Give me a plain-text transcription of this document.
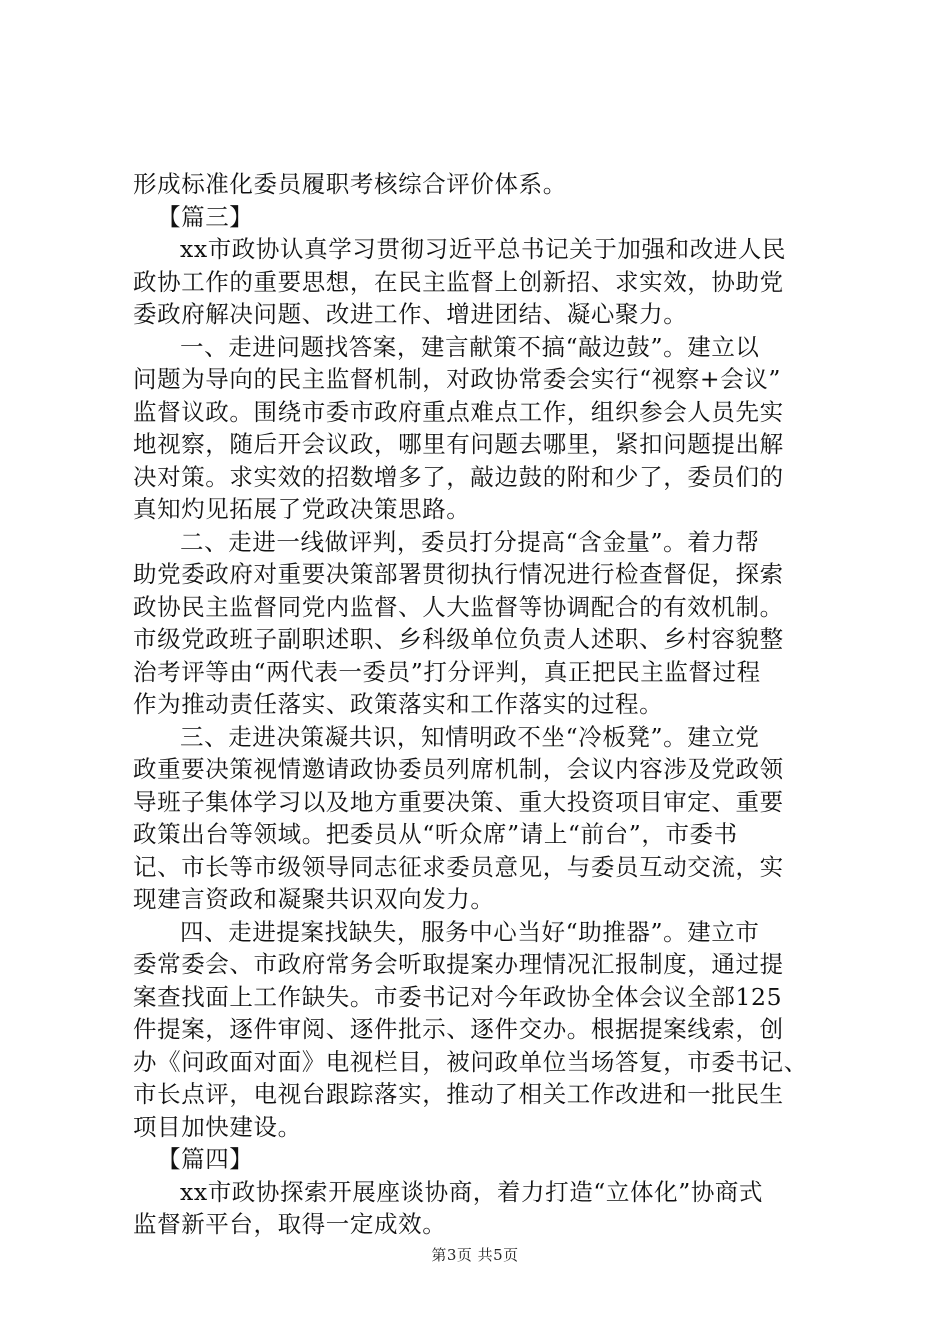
形成标准化委员履职考核综合评价体系。
【篇三】
xx市政协认真学习贯彻习近平总书记关于加强和改进人民
政协工作的重要思想，在民主监督上创新招、求实效，协助党
委政府解决问题、改进工作、增进团结、凝心聚力。
一、走进问题找答案，建言献策不搞“敲边鼓”。建立以
问题为导向的民主监督机制，对政协常委会实行“视察+会议”
监督议政。围绕市委市政府重点难点工作，组织参会人员先实
地视察，随后开会议政，哪里有问题去哪里，紧扣问题提出解
决对策。求实效的招数增多了，敲边鼓的附和少了，委员们的
真知灼见拓展了党政决策思路。
二、走进一线做评判，委员打分提高“含金量”。着力帮
助党委政府对重要决策部署贯彻执行情况进行检查督促，探索
政协民主监督同党内监督、人大监督等协调配合的有效机制。
市级党政班子副职述职、乡科级单位负责人述职、乡村容貌整
治考评等由“两代表一委员”打分评判，真正把民主监督过程
作为推动责任落实、政策落实和工作落实的过程。
三、走进决策凝共识，知情明政不坐“冷板凳”。建立党
政重要决策视情邀请政协委员列席机制，会议内容涉及党政领
导班子集体学习以及地方重要决策、重大投资项目审定、重要
政策出台等领域。把委员从“听众席”请上“前台”，市委书
记、市长等市级领导同志征求委员意见，与委员互动交流，实
现建言资政和凝聚共识双向发力。
四、走进提案找缺失，服务中心当好“助推器”。建立市
委常委会、市政府常务会听取提案办理情况汇报制度，通过提
案查找面上工作缺失。市委书记对今年政协全体会议全部125
件提案，逐件审阅、逐件批示、逐件交办。根据提案线索，创
办《问政面对面》电视栏目，被问政单位当场答复，市委书记、
市长点评，电视台跟踪落实，推动了相关工作改进和一批民生
项目加快建设。
【篇四】
xx市政协探索开展座谈协商，着力打造“立体化”协商式
监督新平台，取得一定成效。
第3页 共5页
